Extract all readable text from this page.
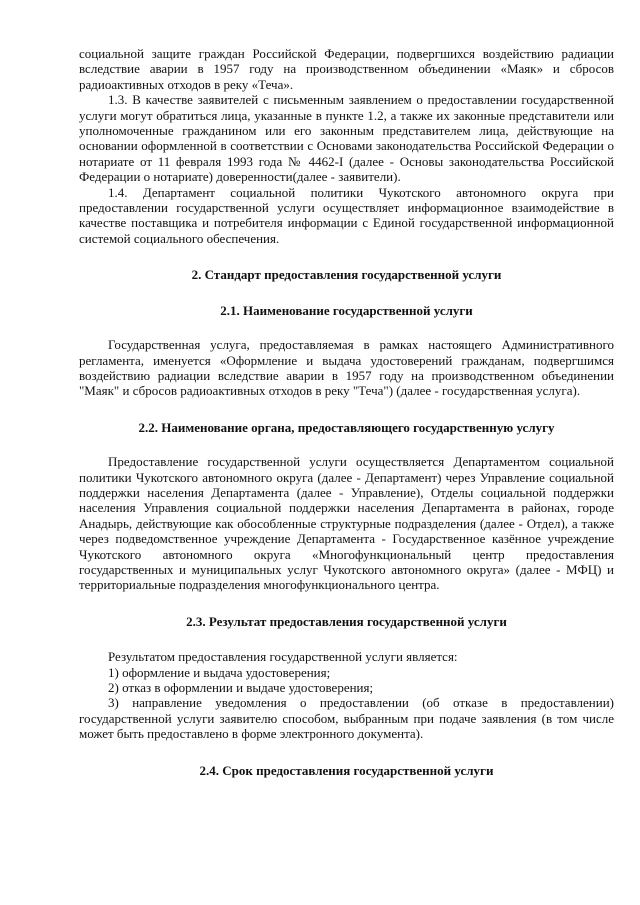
социальной защите граждан Российской Федерации, подвергшихся воздействию радиации вследствие аварии в 1957 году на производственном объединении «Маяк» и сбросов радиоактивных отходов в реку «Теча».

1.3. В качестве заявителей с письменным заявлением о предоставлении государственной услуги могут обратиться лица, указанные в пункте 1.2, а также их законные представители или уполномоченные гражданином или его законным представителем лица, действующие на основании оформленной в соответствии с Основами законодательства Российской Федерации о нотариате от 11 февраля 1993 года № 4462-I (далее - Основы законодательства Российской Федерации о нотариате) доверенности(далее - заявители).

1.4. Департамент социальной политики Чукотского автономного округа при предоставлении государственной услуги осуществляет информационное взаимодействие в качестве поставщика и потребителя информации с Единой государственной информационной системой социального обеспечения.

2. Стандарт предоставления государственной услуги
2.1. Наименование государственной услуги

Государственная услуга, предоставляемая в рамках настоящего Административного регламента, именуется «Оформление и выдача удостоверений гражданам, подвергшимся воздействию радиации вследствие аварии в 1957 году на производственном объединении "Маяк" и сбросов радиоактивных отходов в реку "Теча") (далее - государственная услуга).

2.2. Наименование органа, предоставляющего государственную услугу

Предоставление государственной услуги осуществляется Департаментом социальной политики Чукотского автономного округа (далее - Департамент) через Управление социальной поддержки населения Департамента (далее - Управление), Отделы социальной поддержки населения Управления социальной поддержки населения Департамента в районах, городе Анадырь, действующие как обособленные структурные подразделения (далее - Отдел), а также через подведомственное учреждение Департамента - Государственное казённое учреждение Чукотского автономного округа «Многофункциональный центр предоставления государственных и муниципальных услуг Чукотского автономного округа» (далее - МФЦ) и территориальные подразделения многофункционального центра.

2.3. Результат предоставления государственной услуги

Результатом предоставления государственной услуги является:

1) оформление и выдача удостоверения;

2) отказ в оформлении и выдаче удостоверения;

3) направление уведомления о предоставлении (об отказе в предоставлении) государственной услуги заявителю способом, выбранным при подаче заявления (в том числе может быть предоставлено в форме электронного документа).

2.4. Срок предоставления государственной услуги
